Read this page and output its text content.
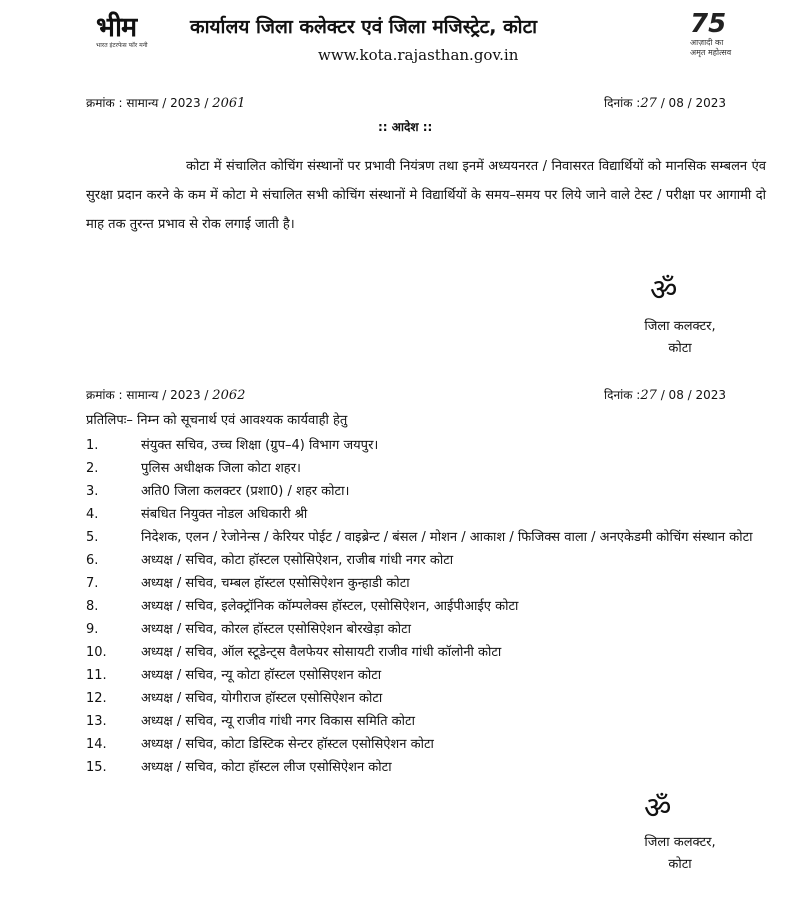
भीम
भारत इंटरफेस फॉर मनी
कार्यालय जिला कलेक्टर एवं जिला मजिस्ट्रेट, कोटा
www.kota.rajasthan.gov.in
75
आज़ादी का
अमृत महोत्सव
क्रमांक : सामान्य / 2023 / 2061	दिनांक :27 / 08 / 2023
:: आदेश ::
कोटा में संचालित कोचिंग संस्थानों पर प्रभावी नियंत्रण तथा इनमें अध्ययनरत / निवासरत विद्यार्थियों को मानसिक सम्बलन एंव सुरक्षा प्रदान करने के कम में कोटा मे संचालित सभी कोचिंग संस्थानों मे विद्यार्थियों के समय–समय पर लिये जाने वाले टेस्ट / परीक्षा पर आगामी दो माह तक तुरन्त प्रभाव से रोक लगाई जाती है।
ॐ
जिला कलक्टर,
कोटा
क्रमांक : सामान्य / 2023 / 2062	दिनांक :27 / 08 / 2023
प्रतिलिपः– निम्न को सूचनार्थ एवं आवश्यक कार्यवाही हेतु
1.	संयुक्त सचिव, उच्च शिक्षा (ग्रुप–4) विभाग जयपुर।
2.	पुलिस अधीक्षक जिला कोटा शहर।
3.	अति0 जिला कलक्टर (प्रशा0) / शहर कोटा।
4.	संबधित नियुक्त नोडल अधिकारी श्री
5.	निदेशक, एलन / रेजोनेन्स / केरियर पोईट / वाइब्रेन्ट / बंसल / मोशन / आकाश / फिजिक्स वाला / अनएकेडमी कोचिंग संस्थान कोटा
6.	अध्यक्ष / सचिव, कोटा हॉस्टल एसोसिऐशन, राजीब गांधी नगर कोटा
7.	अध्यक्ष / सचिव, चम्बल हॉस्टल एसोसिऐशन कुन्हाडी कोटा
8.	अध्यक्ष / सचिव, इलेक्ट्रॉनिक कॉम्पलेक्स हॉस्टल, एसोसिऐशन, आईपीआईए कोटा
9.	अध्यक्ष / सचिव, कोरल हॉस्टल एसोसिऐशन बोरखेड़ा कोटा
10.	अध्यक्ष / सचिव, ऑल स्टूडेन्ट्स वैलफेयर सोसायटी राजीव गांधी कॉलोनी कोटा
11.	अध्यक्ष / सचिव, न्यू कोटा हॉस्टल एसोसिएशन कोटा
12.	अध्यक्ष / सचिव, योगीराज हॉस्टल एसोसिऐशन कोटा
13.	अध्यक्ष / सचिव, न्यू राजीव गांधी नगर विकास समिति कोटा
14.	अध्यक्ष / सचिव, कोटा डिस्टिक सेन्टर हॉस्टल एसोसिऐशन कोटा
15.	अध्यक्ष / सचिव, कोटा हॉस्टल लीज एसोसिऐशन कोटा
ॐ
जिला कलक्टर,
कोटा
